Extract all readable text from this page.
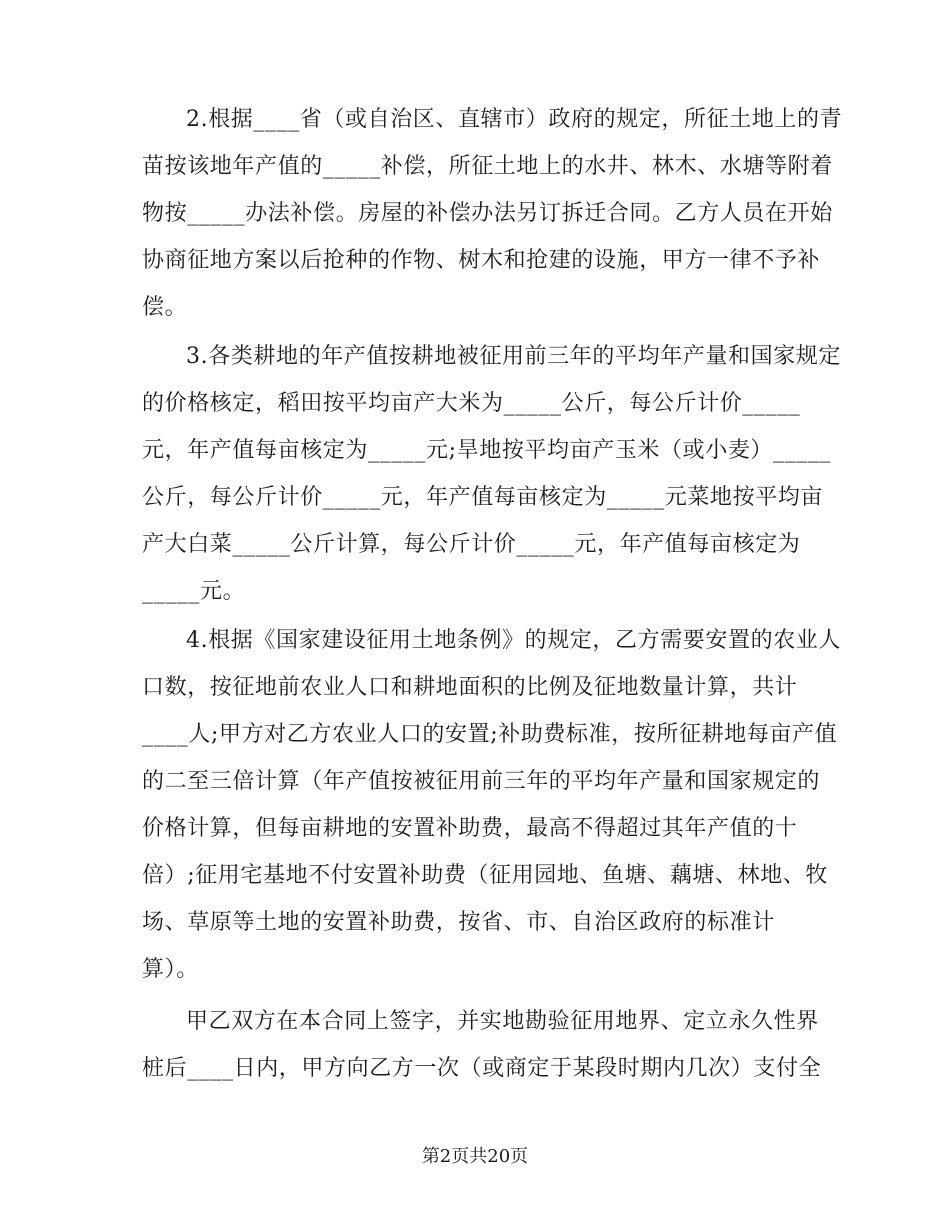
2.根据____省（或自治区、直辖市）政府的规定，所征土地上的青
苗按该地年产值的_____补偿，所征土地上的水井、林木、水塘等附着
物按_____办法补偿。房屋的补偿办法另订拆迁合同。乙方人员在开始
协商征地方案以后抢种的作物、树木和抢建的设施，甲方一律不予补
偿。
3.各类耕地的年产值按耕地被征用前三年的平均年产量和国家规定
的价格核定，稻田按平均亩产大米为_____公斤，每公斤计价_____
元，年产值每亩核定为_____元;旱地按平均亩产玉米（或小麦）_____
公斤，每公斤计价_____元，年产值每亩核定为_____元菜地按平均亩
产大白菜_____公斤计算，每公斤计价_____元，年产值每亩核定为
_____元。
4.根据《国家建设征用土地条例》的规定，乙方需要安置的农业人
口数，按征地前农业人口和耕地面积的比例及征地数量计算，共计
____人;甲方对乙方农业人口的安置;补助费标准，按所征耕地每亩产值
的二至三倍计算（年产值按被征用前三年的平均年产量和国家规定的
价格计算，但每亩耕地的安置补助费，最高不得超过其年产值的十
倍）;征用宅基地不付安置补助费（征用园地、鱼塘、藕塘、林地、牧
场、草原等土地的安置补助费，按省、市、自治区政府的标准计
算）。
甲乙双方在本合同上签字，并实地勘验征用地界、定立永久性界
桩后____日内，甲方向乙方一次（或商定于某段时期内几次）支付全
第2页共20页
